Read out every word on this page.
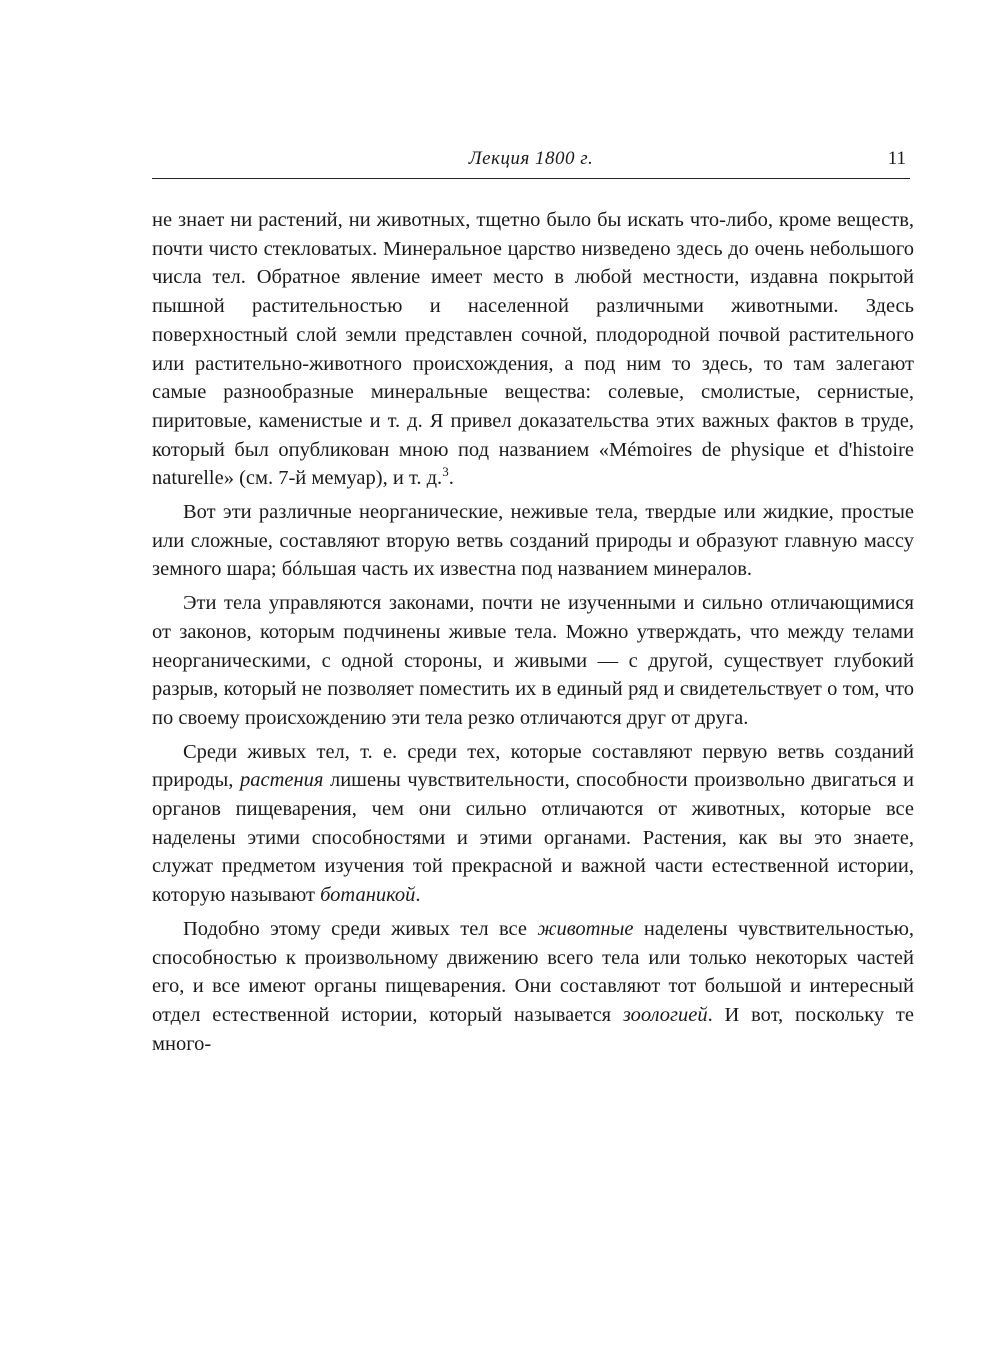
Лекция 1800 г.	11

не знает ни растений, ни животных, тщетно было бы искать что-либо, кроме веществ, почти чисто стекловатых. Минеральное царство низведено здесь до очень небольшого числа тел. Обратное явление имеет место в любой местности, издавна покрытой пышной растительностью и населенной различными животными. Здесь поверхностный слой земли представлен сочной, плодородной почвой растительного или растительно-животного происхождения, а под ним то здесь, то там залегают самые разнообразные минеральные вещества: солевые, смолистые, сернистые, пиритовые, каменистые и т. д. Я привел доказательства этих важных фактов в труде, который был опубликован мною под названием «Mémoires de physique et d'histoire naturelle» (см. 7-й мемуар), и т. д.$^3$.

Вот эти различные неорганические, неживые тела, твердые или жидкие, простые или сложные, составляют вторую ветвь созданий природы и образуют главную массу земного шара; бóльшая часть их известна под названием минералов.

Эти тела управляются законами, почти не изученными и сильно отличающимися от законов, которым подчинены живые тела. Можно утверждать, что между телами неорганическими, с одной стороны, и живыми — с другой, существует глубокий разрыв, который не позволяет поместить их в единый ряд и свидетельствует о том, что по своему происхождению эти тела резко отличаются друг от друга.

Среди живых тел, т. е. среди тех, которые составляют первую ветвь созданий природы, растения лишены чувствительности, способности произвольно двигаться и органов пищеварения, чем они сильно отличаются от животных, которые все наделены этими способностями и этими органами. Растения, как вы это знаете, служат предметом изучения той прекрасной и важной части естественной истории, которую называют ботаникой.

Подобно этому среди живых тел все животные наделены чувствительностью, способностью к произвольному движению всего тела или только некоторых частей его, и все имеют органы пищеварения. Они составляют тот большой и интересный отдел естественной истории, который называется зоологией. И вот, поскольку те много-
